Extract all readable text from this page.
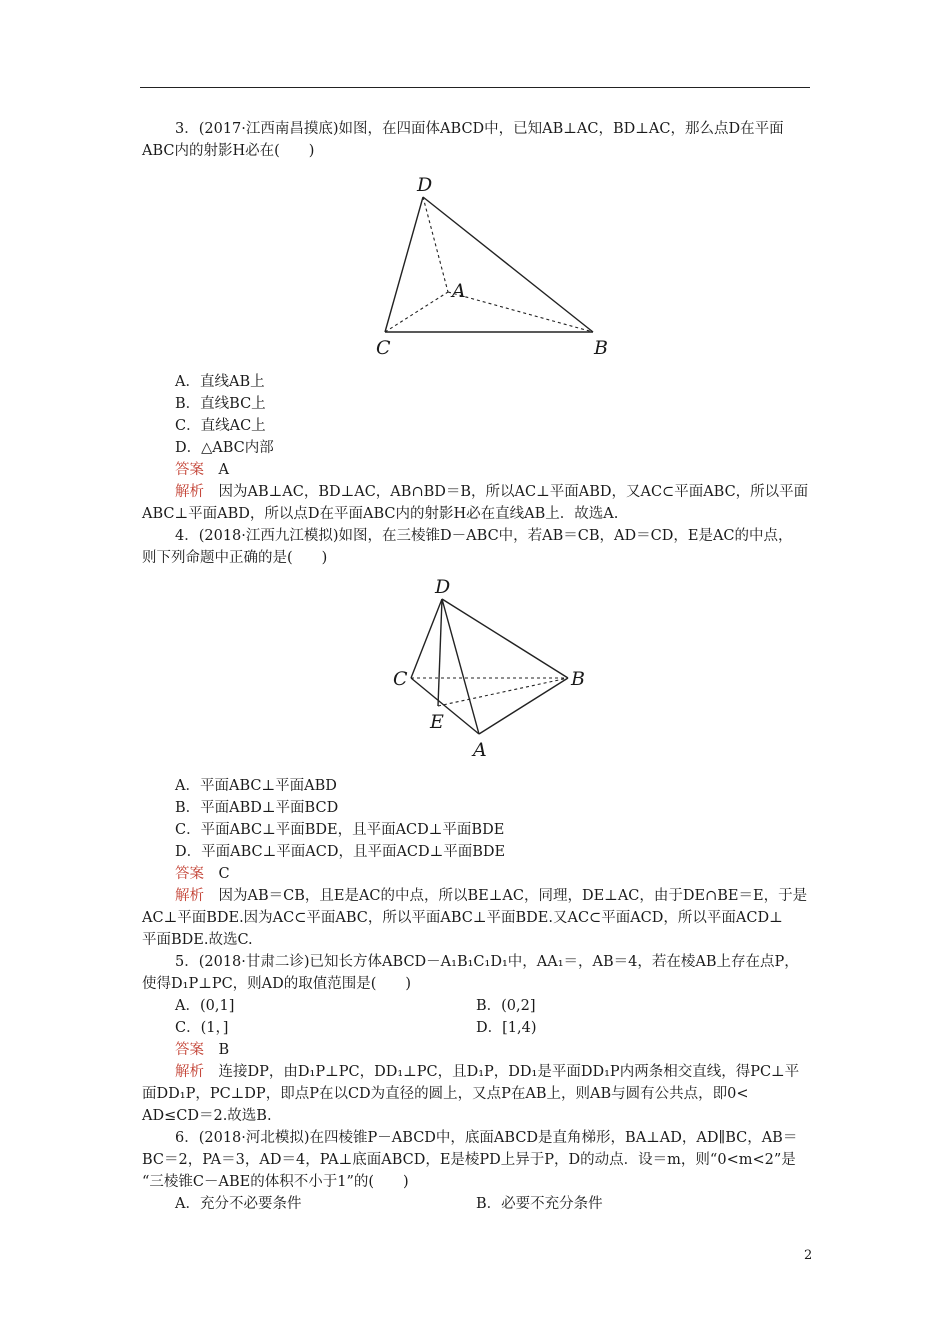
3．(2017·江西南昌摸底)如图，在四面体ABCD中，已知AB⊥AC，BD⊥AC，那么点D在平面
ABC内的射影H必在(　　)
D
A
C	B
A．直线AB上
B．直线BC上
C．直线AC上
D．△ABC内部
答案　 A
解析　 因为AB⊥AC，BD⊥AC，AB∩BD＝B，所以AC⊥平面ABD，又AC⊂平面ABC，所以平面
ABC⊥平面ABD，所以点D在平面ABC内的射影H必在直线AB上．故选A.
4．(2018·江西九江模拟)如图，在三棱锥D－ABC中，若AB＝CB，AD＝CD，E是AC的中点，
则下列命题中正确的是(　　)
D
C	B
E
A
A．平面ABC⊥平面ABD
B．平面ABD⊥平面BCD
C．平面ABC⊥平面BDE，且平面ACD⊥平面BDE
D．平面ABC⊥平面ACD，且平面ACD⊥平面BDE
答案　 C
解析　 因为AB＝CB，且E是AC的中点，所以BE⊥AC，同理，DE⊥AC，由于DE∩BE＝E，于是
AC⊥平面BDE.因为AC⊂平面ABC，所以平面ABC⊥平面BDE.又AC⊂平面ACD，所以平面ACD⊥
平面BDE.故选C.
5．(2018·甘肃二诊)已知长方体ABCD－A₁B₁C₁D₁中，AA₁＝，AB＝4，若在棱AB上存在点P，
使得D₁P⊥PC，则AD的取值范围是(　　)
A．(0,1]	B．(0,2]
C．(1，]	D．[1,4)
答案　 B
解析　 连接DP，由D₁P⊥PC，DD₁⊥PC，且D₁P，DD₁是平面DD₁P内两条相交直线，得PC⊥平
面DD₁P，PC⊥DP，即点P在以CD为直径的圆上，又点P在AB上，则AB与圆有公共点，即0<
AD≤CD＝2.故选B.
6．(2018·河北模拟)在四棱锥P－ABCD中，底面ABCD是直角梯形，BA⊥AD，AD∥BC，AB＝
BC＝2，PA＝3，AD＝4，PA⊥底面ABCD，E是棱PD上异于P，D的动点．设＝m，则“0<m<2”是
“三棱锥C－ABE的体积不小于1”的(　　)
A．充分不必要条件	B．必要不充分条件
2
